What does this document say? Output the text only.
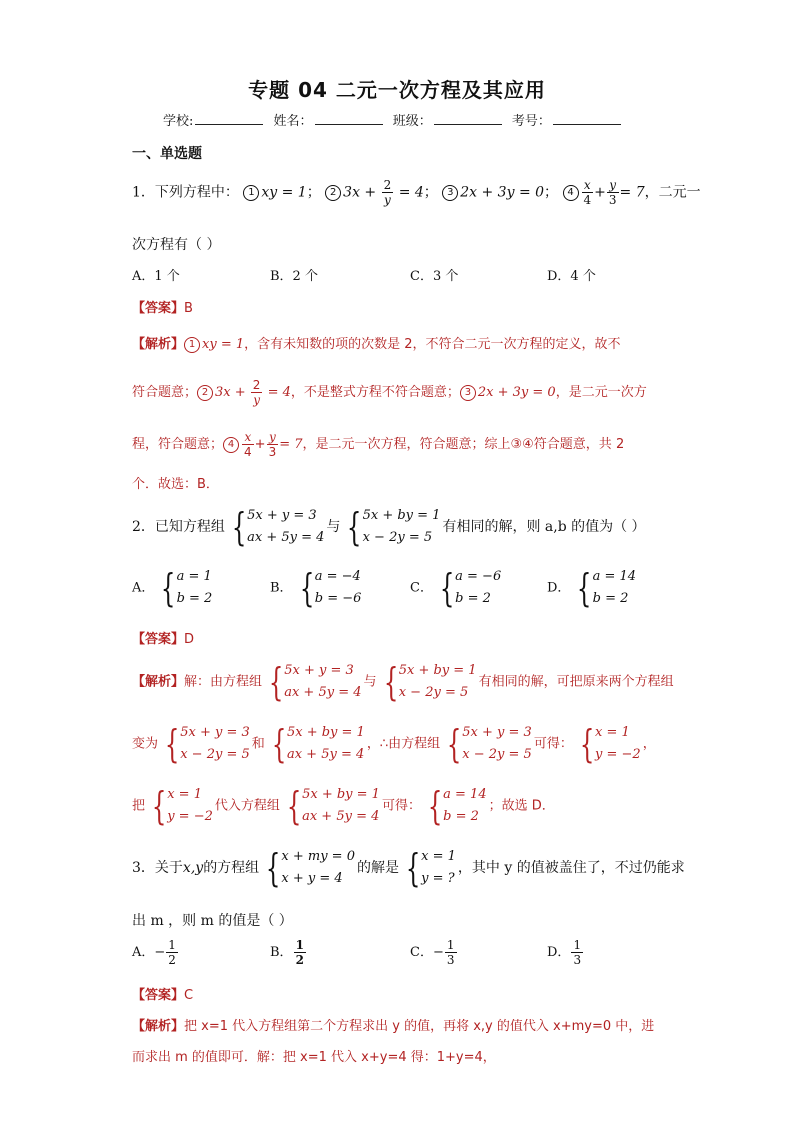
专题 04 二元一次方程及其应用
学校:	姓名：	班级：	考号：
一、单选题
1．下列方程中： 1 xy = 1； 2 $3x + \frac{2}{y} = 4$； 3 2x + 3y = 0； $4 \frac{x}{4} + \frac{y}{3} = 7$，二元一
次方程有（ ）
A．1 个	B．2 个	C．3 个	D．4 个
【答案】B
【解析】 1 xy = 1，含有未知数的项的次数是 2，不符合二元一次方程的定义，故不
符合题意； 2 $3x + \frac{2}{y} = 4$，不是整式方程不符合题意； 3 2x + 3y = 0，是二元一次方
程，符合题意； $4 \frac{x}{4} + \frac{y}{3} = 7$，是二元一次方程，符合题意；综上③④符合题意，共 2
个．故选：B．
2．已知方程组 { 5x + y = 3
ax + 5y = 4
与 { 5x + by = 1
x − 2y = 5
有相同的解，则 a,b 的值为（ ）
A． { a = 1
b = 2
B． { a = −4
b = −6
C． { a = −6
b = 2
D． { a = 14
b = 2
【答案】D
【解析】解：由方程组 { 5x + y = 3
ax + 5y = 4
与 { 5x + by = 1
x − 2y = 5
有相同的解，可把原来两个方程组
变为 { 5x + y = 3
x − 2y = 5
和 { 5x + by = 1
ax + 5y = 4
，∴由方程组 { 5x + y = 3
x − 2y = 5
可得： { x = 1
y = −2
，
把 { x = 1
y = −2
代入方程组 { 5x + by = 1
ax + 5y = 4
可得： { a = 14
b = 2
；故选 D．
3．关于x,y的方程组 { x + my = 0
x + y = 4
的解是 { x = 1
y = ?
，其中 y 的值被盖住了，不过仍能求
出 m ，则 m 的值是（ ）
A．− $\frac{1}{2}$	B． $\frac{1}{2}$	C．− $\frac{1}{3}$	D． $\frac{1}{3}$
【答案】C
【解析】把 x=1 代入方程组第二个方程求出 y 的值，再将 x,y 的值代入 x+my=0 中，进
而求出 m 的值即可．解：把 x=1 代入 x+y=4 得：1+y=4，
